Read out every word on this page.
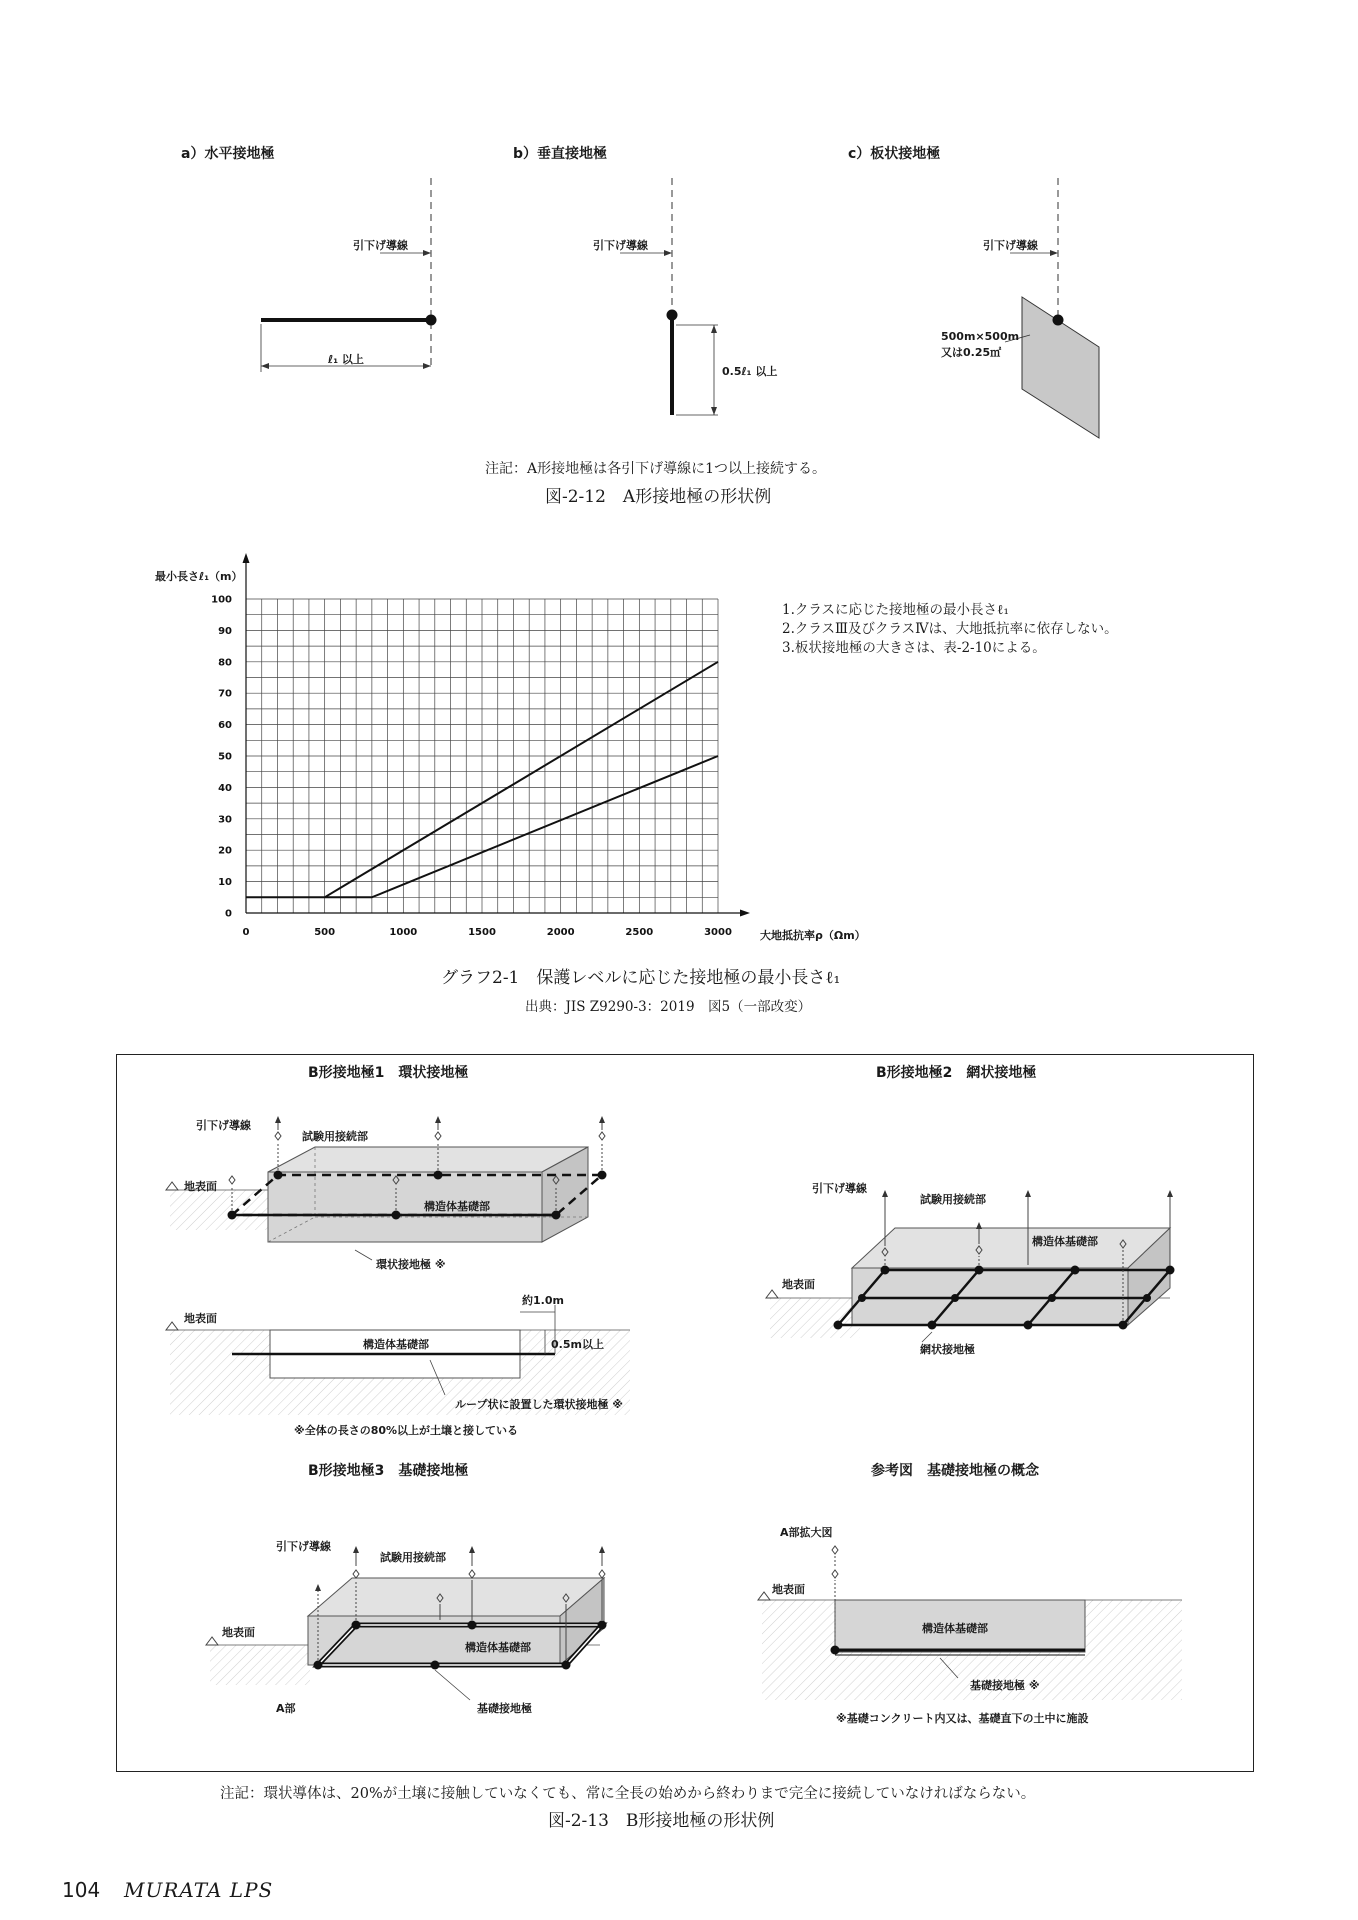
a）水平接地極	b）垂直接地極	c）板状接地極
引下げ導線	引下げ導線	引下げ導線
ℓ₁ 以上
0.5ℓ₁ 以上
500m×500m
又は0.25㎡
注記：A形接地極は各引下げ導線に1つ以上接続する。
図-2-12　A形接地極の形状例
0
10
20
30
40
50
60
70
80
90
100
0	500	1000	1500	2000	2500	3000
最小長さℓ₁（m）
大地抵抗率ρ（Ωm）
1.クラスに応じた接地極の最小長さℓ₁
2.クラスⅢ及びクラスⅣは、大地抵抗率に依存しない。
3.板状接地極の大きさは、表-2-10による。
グラフ2-1　保護レベルに応じた接地極の最小長さℓ₁
出典：JIS Z9290-3：2019　図5（一部改変）
B形接地極1　環状接地極	B形接地極2　網状接地極
B形接地極3　基礎接地極	参考図　基礎接地極の概念
引下げ導線
試験用接続部
地表面
構造体基礎部
環状接地極 ※
地表面
約1.0m
0.5m以上
構造体基礎部
ループ状に設置した環状接地極 ※
※全体の長さの80%以上が土壌と接している
引下げ導線
試験用接続部
地表面
構造体基礎部
網状接地極
引下げ導線
試験用接続部
地表面
構造体基礎部
A部	基礎接地極
A部拡大図
地表面
構造体基礎部
基礎接地極 ※
※基礎コンクリート内又は、基礎直下の土中に施設
注記：環状導体は、20%が土壌に接触していなくても、常に全長の始めから終わりまで完全に接続していなければならない。
図-2-13　B形接地極の形状例
104 MURATA LPS
